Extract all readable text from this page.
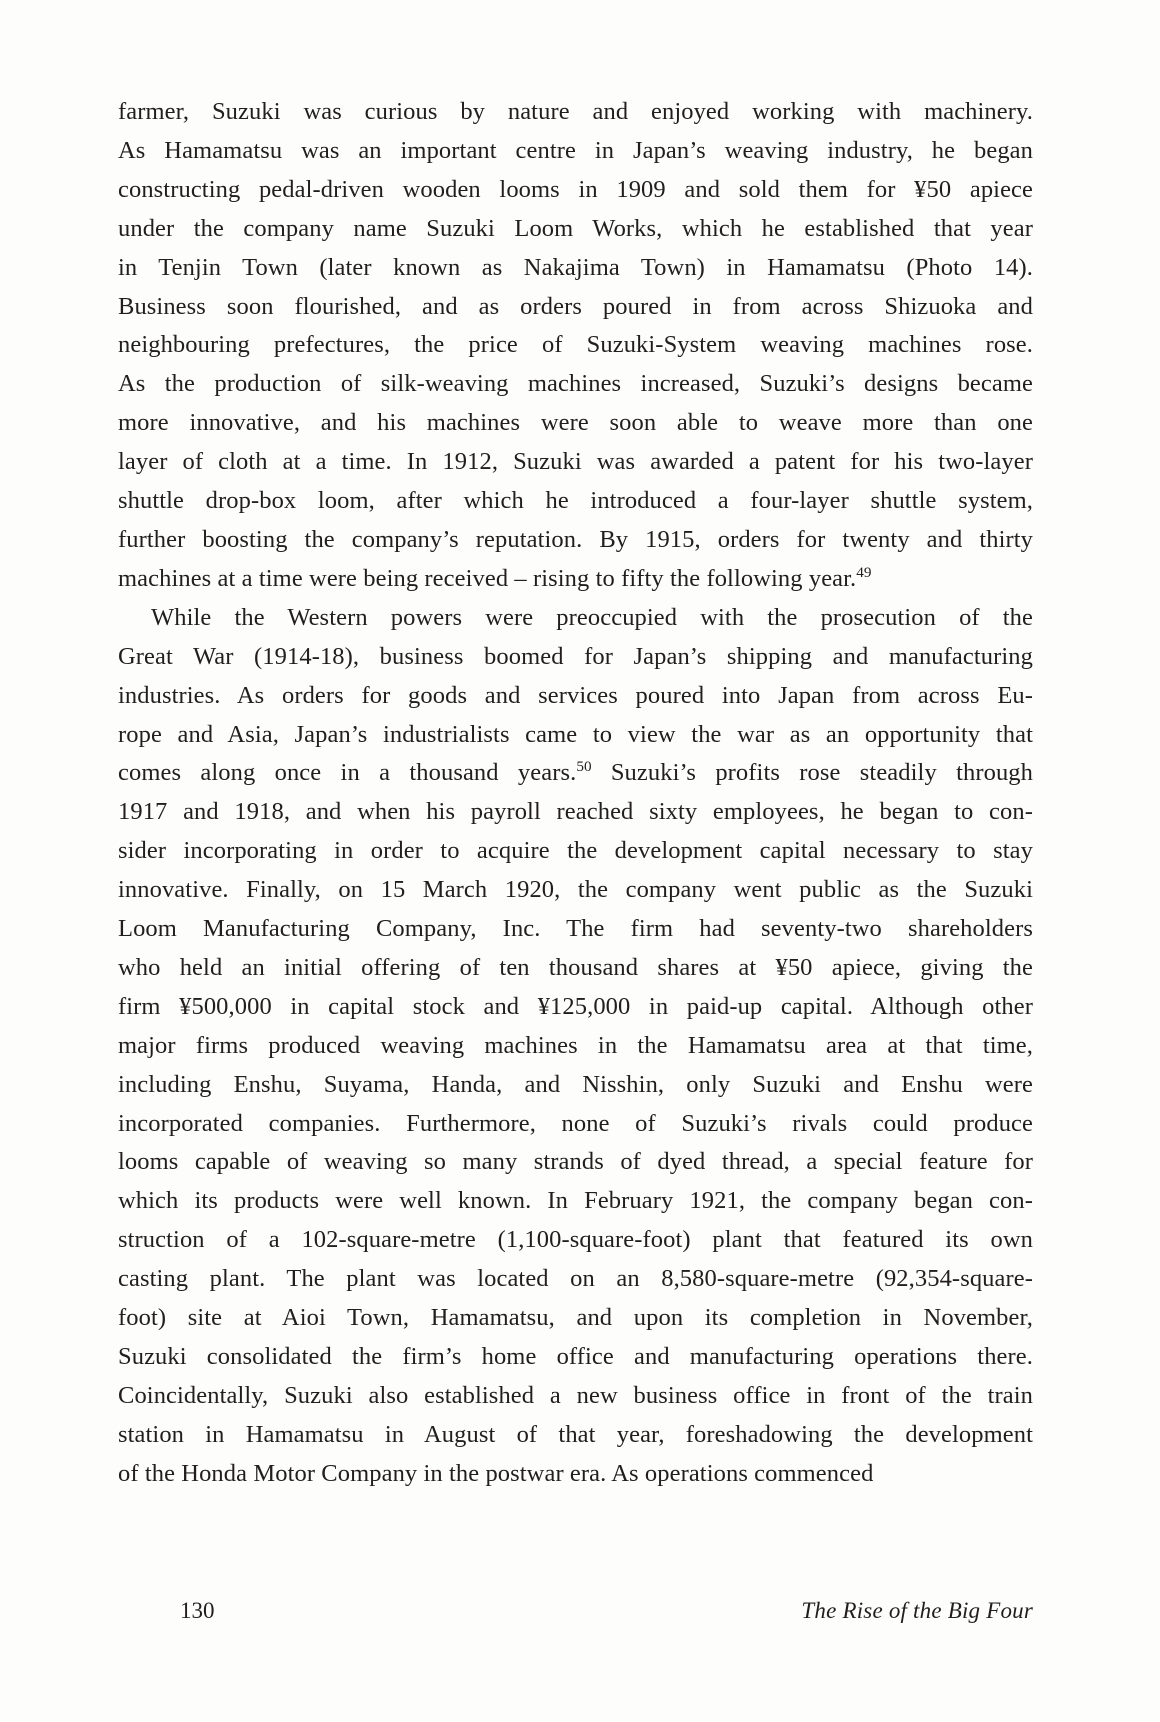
farmer, Suzuki was curious by nature and enjoyed working with machinery.
As Hamamatsu was an important centre in Japan’s weaving industry, he began
constructing pedal-driven wooden looms in 1909 and sold them for ¥50 apiece
under the company name Suzuki Loom Works, which he established that year
in Tenjin Town (later known as Nakajima Town) in Hamamatsu (Photo 14).
Business soon flourished, and as orders poured in from across Shizuoka and
neighbouring prefectures, the price of Suzuki-System weaving machines rose.
As the production of silk-weaving machines increased, Suzuki’s designs became
more innovative, and his machines were soon able to weave more than one
layer of cloth at a time. In 1912, Suzuki was awarded a patent for his two-layer
shuttle drop-box loom, after which he introduced a four-layer shuttle system,
further boosting the company’s reputation. By 1915, orders for twenty and thirty
machines at a time were being received – rising to fifty the following year.$^{49}$
While the Western powers were preoccupied with the prosecution of the
Great War (1914-18), business boomed for Japan’s shipping and manufacturing
industries. As orders for goods and services poured into Japan from across Eu-
rope and Asia, Japan’s industrialists came to view the war as an opportunity that
comes along once in a thousand years.$^{50}$ Suzuki’s profits rose steadily through
1917 and 1918, and when his payroll reached sixty employees, he began to con-
sider incorporating in order to acquire the development capital necessary to stay
innovative. Finally, on 15 March 1920, the company went public as the Suzuki
Loom Manufacturing Company, Inc. The firm had seventy-two shareholders
who held an initial offering of ten thousand shares at ¥50 apiece, giving the
firm ¥500,000 in capital stock and ¥125,000 in paid-up capital. Although other
major firms produced weaving machines in the Hamamatsu area at that time,
including Enshu, Suyama, Handa, and Nisshin, only Suzuki and Enshu were
incorporated companies. Furthermore, none of Suzuki’s rivals could produce
looms capable of weaving so many strands of dyed thread, a special feature for
which its products were well known. In February 1921, the company began con-
struction of a 102-square-metre (1,100-square-foot) plant that featured its own
casting plant. The plant was located on an 8,580-square-metre (92,354-square-
foot) site at Aioi Town, Hamamatsu, and upon its completion in November,
Suzuki consolidated the firm’s home office and manufacturing operations there.
Coincidentally, Suzuki also established a new business office in front of the train
station in Hamamatsu in August of that year, foreshadowing the development
of the Honda Motor Company in the postwar era. As operations commenced
130	The Rise of the Big Four
